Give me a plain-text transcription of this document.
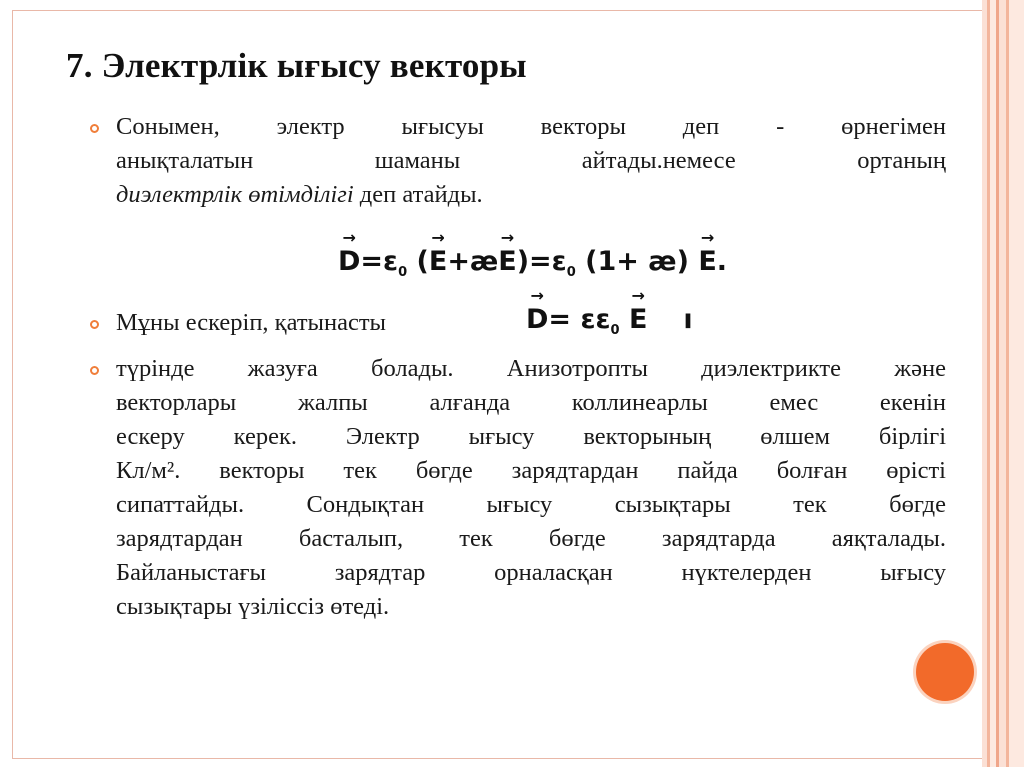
7. Электрлік ығысу векторы
Сонымен, электр ығысуы векторы деп - өрнегімен
анықталатын шаманы айтады.немесе ортаның
диэлектрлік өтімділігі деп атайды.
→ $D=\varepsilon_0$ (→ E+æ→ $E)=\varepsilon_0$ (1+ æ) → E.
Мұны ескеріп, қатынасты	→ $D= \varepsilon\varepsilon_0 \to E$ ı
түрінде жазуға болады. Анизотропты диэлектрикте және
векторлары жалпы алғанда коллинеарлы емес екенін
ескеру керек. Электр ығысу векторының өлшем бірлігі
Кл/м². векторы тек бөгде зарядтардан пайда болған өрісті
сипаттайды. Сондықтан ығысу сызықтары тек бөгде
зарядтардан басталып, тек бөгде зарядтарда аяқталады.
Байланыстағы зарядтар орналасқан нүктелерден ығысу
сызықтары үзіліссіз өтеді.
